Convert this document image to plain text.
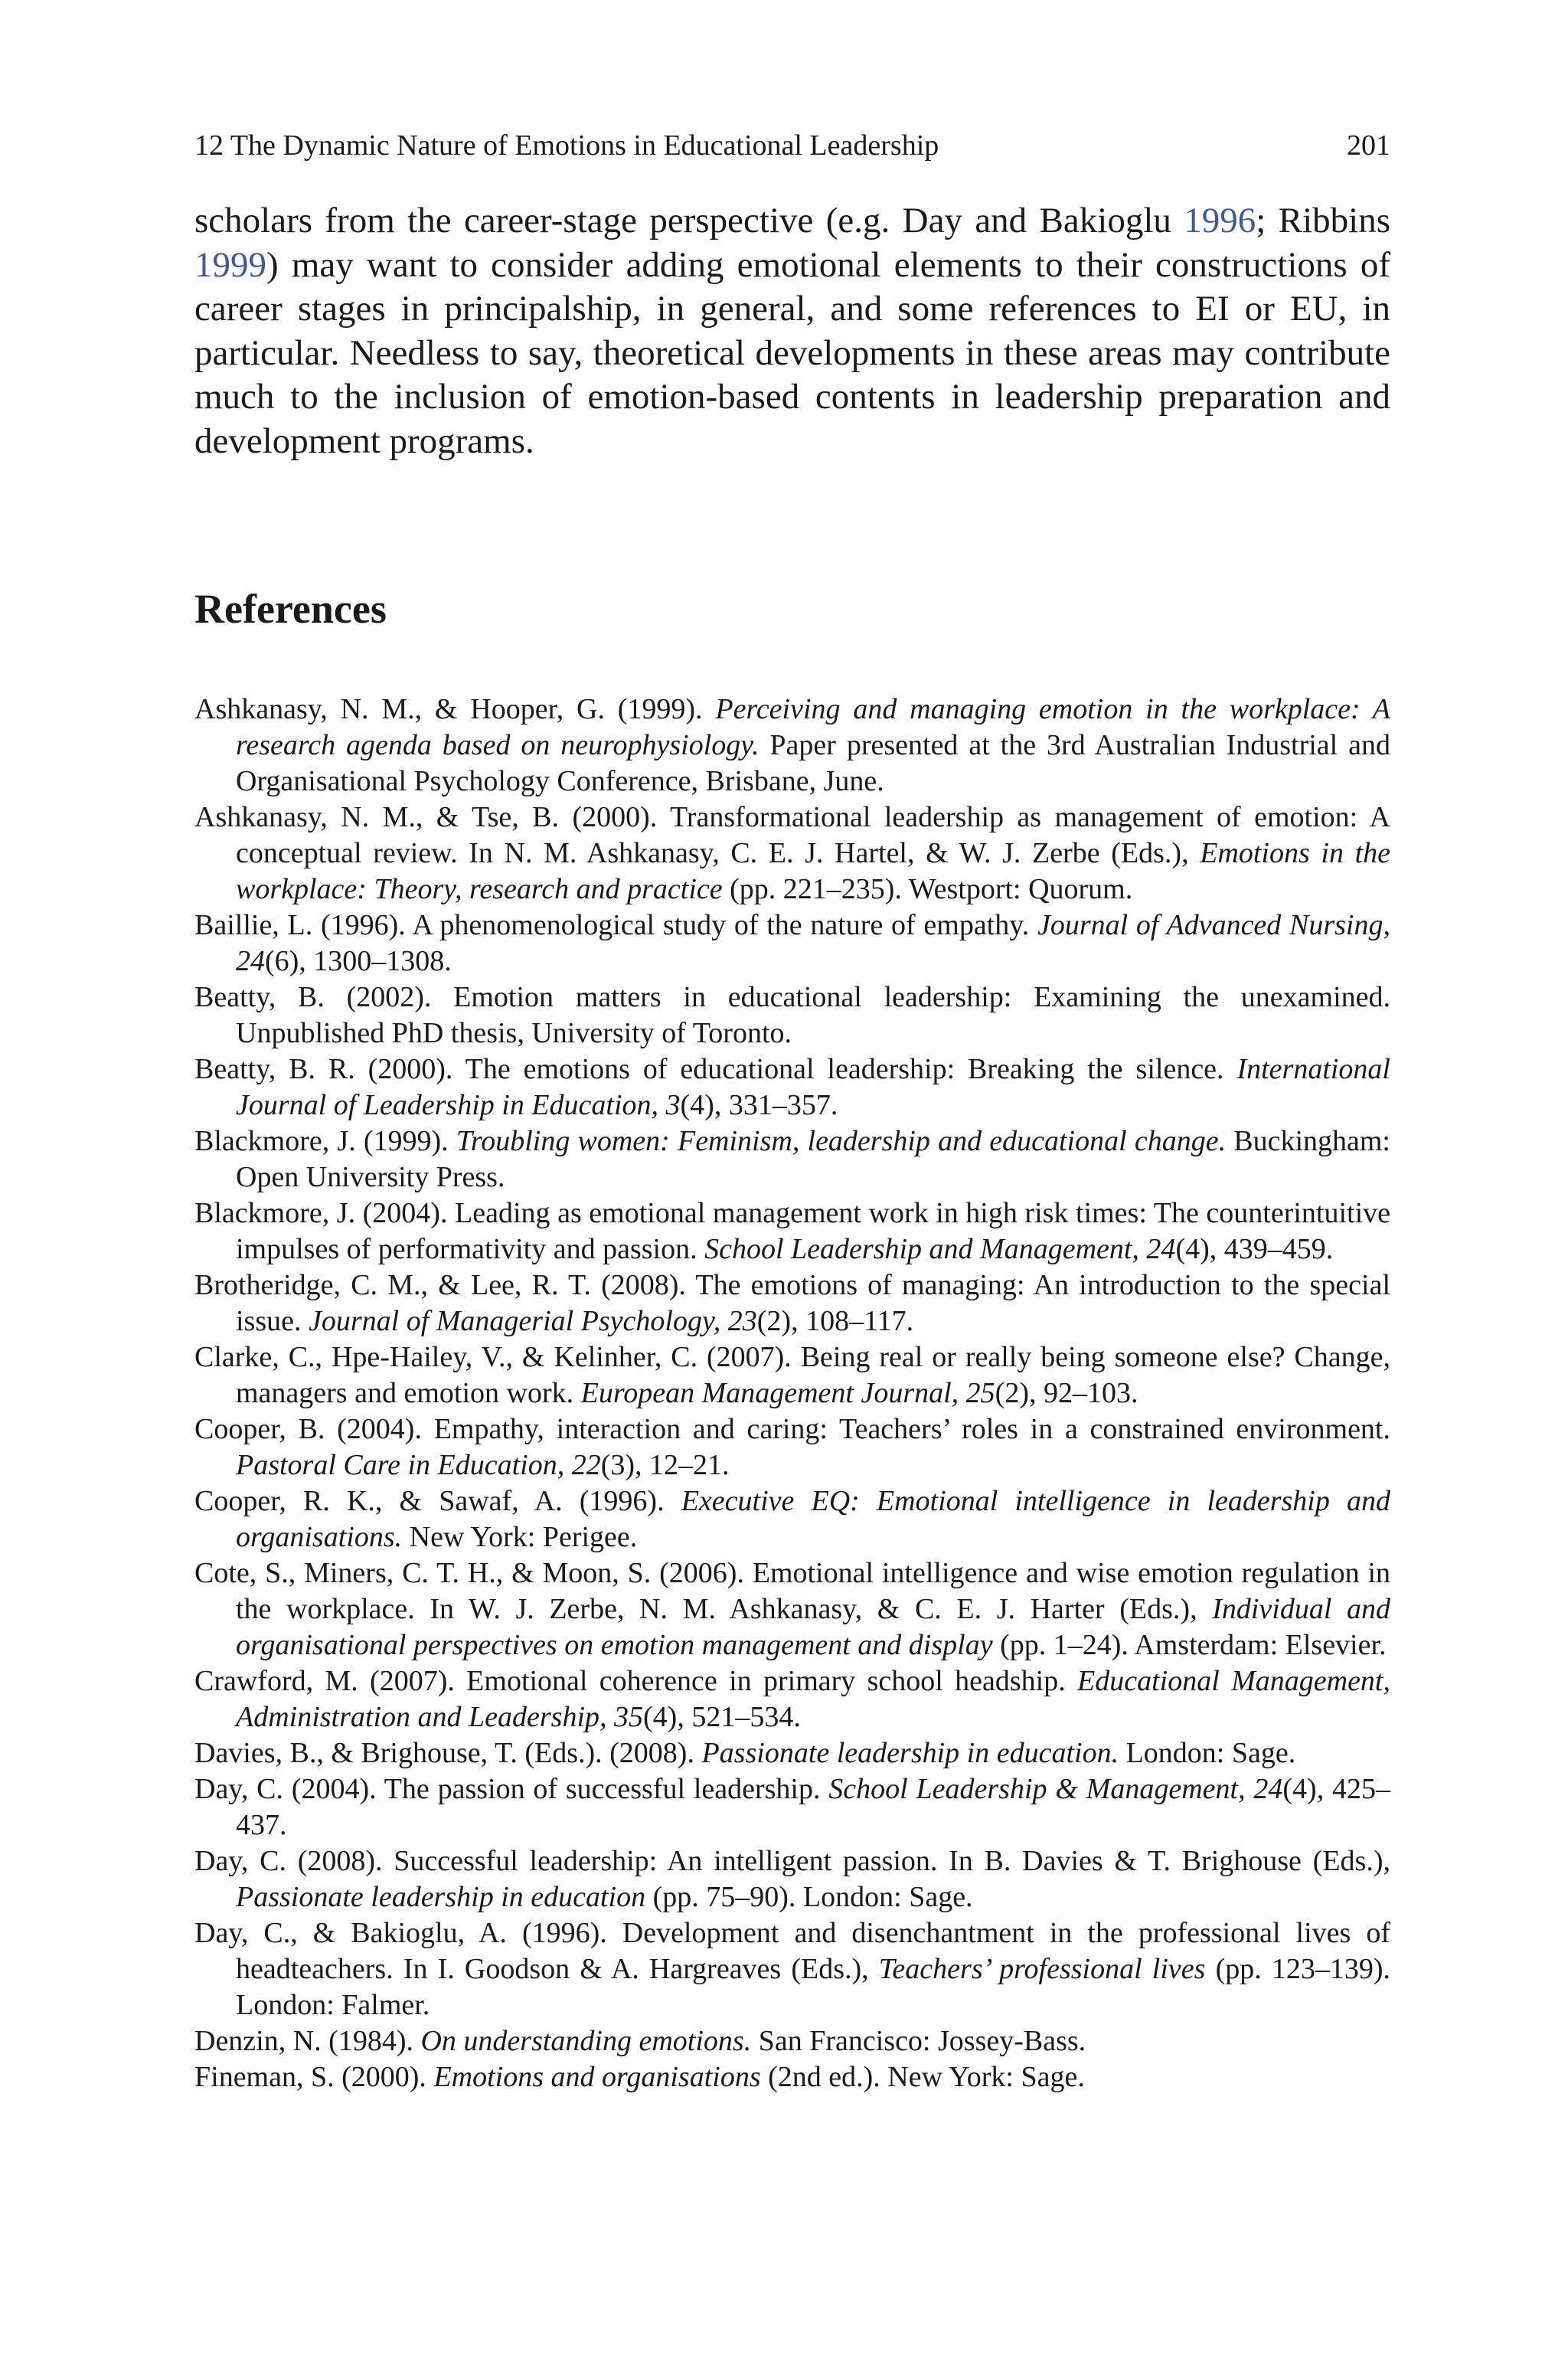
12 The Dynamic Nature of Emotions in Educational Leadership	201

scholars from the career-stage perspective (e.g. Day and Bakioglu 1996; Ribbins 1999) may want to consider adding emotional elements to their constructions of career stages in principalship, in general, and some references to EI or EU, in particular. Needless to say, theoretical developments in these areas may contribute much to the inclusion of emotion-based contents in leadership preparation and development programs.

References
Ashkanasy, N. M., & Hooper, G. (1999). Perceiving and managing emotion in the workplace: A research agenda based on neurophysiology. Paper presented at the 3rd Australian Industrial and Organisational Psychology Conference, Brisbane, June.
Ashkanasy, N. M., & Tse, B. (2000). Transformational leadership as management of emotion: A conceptual review. In N. M. Ashkanasy, C. E. J. Hartel, & W. J. Zerbe (Eds.), Emotions in the workplace: Theory, research and practice (pp. 221–235). Westport: Quorum.
Baillie, L. (1996). A phenomenological study of the nature of empathy. Journal of Advanced Nursing, 24(6), 1300–1308.
Beatty, B. (2002). Emotion matters in educational leadership: Examining the unexamined. Unpublished PhD thesis, University of Toronto.
Beatty, B. R. (2000). The emotions of educational leadership: Breaking the silence. International Journal of Leadership in Education, 3(4), 331–357.
Blackmore, J. (1999). Troubling women: Feminism, leadership and educational change. Buckingham: Open University Press.
Blackmore, J. (2004). Leading as emotional management work in high risk times: The counterintuitive impulses of performativity and passion. School Leadership and Management, 24(4), 439–459.
Brotheridge, C. M., & Lee, R. T. (2008). The emotions of managing: An introduction to the special issue. Journal of Managerial Psychology, 23(2), 108–117.
Clarke, C., Hpe-Hailey, V., & Kelinher, C. (2007). Being real or really being someone else? Change, managers and emotion work. European Management Journal, 25(2), 92–103.
Cooper, B. (2004). Empathy, interaction and caring: Teachers’ roles in a constrained environment. Pastoral Care in Education, 22(3), 12–21.
Cooper, R. K., & Sawaf, A. (1996). Executive EQ: Emotional intelligence in leadership and organisations. New York: Perigee.
Cote, S., Miners, C. T. H., & Moon, S. (2006). Emotional intelligence and wise emotion regulation in the workplace. In W. J. Zerbe, N. M. Ashkanasy, & C. E. J. Harter (Eds.), Individual and organisational perspectives on emotion management and display (pp. 1–24). Amsterdam: Elsevier.
Crawford, M. (2007). Emotional coherence in primary school headship. Educational Management, Administration and Leadership, 35(4), 521–534.
Davies, B., & Brighouse, T. (Eds.). (2008). Passionate leadership in education. London: Sage.
Day, C. (2004). The passion of successful leadership. School Leadership & Management, 24(4), 425–437.
Day, C. (2008). Successful leadership: An intelligent passion. In B. Davies & T. Brighouse (Eds.), Passionate leadership in education (pp. 75–90). London: Sage.
Day, C., & Bakioglu, A. (1996). Development and disenchantment in the professional lives of headteachers. In I. Goodson & A. Hargreaves (Eds.), Teachers’ professional lives (pp. 123–139). London: Falmer.
Denzin, N. (1984). On understanding emotions. San Francisco: Jossey-Bass.
Fineman, S. (2000). Emotions and organisations (2nd ed.). New York: Sage.
